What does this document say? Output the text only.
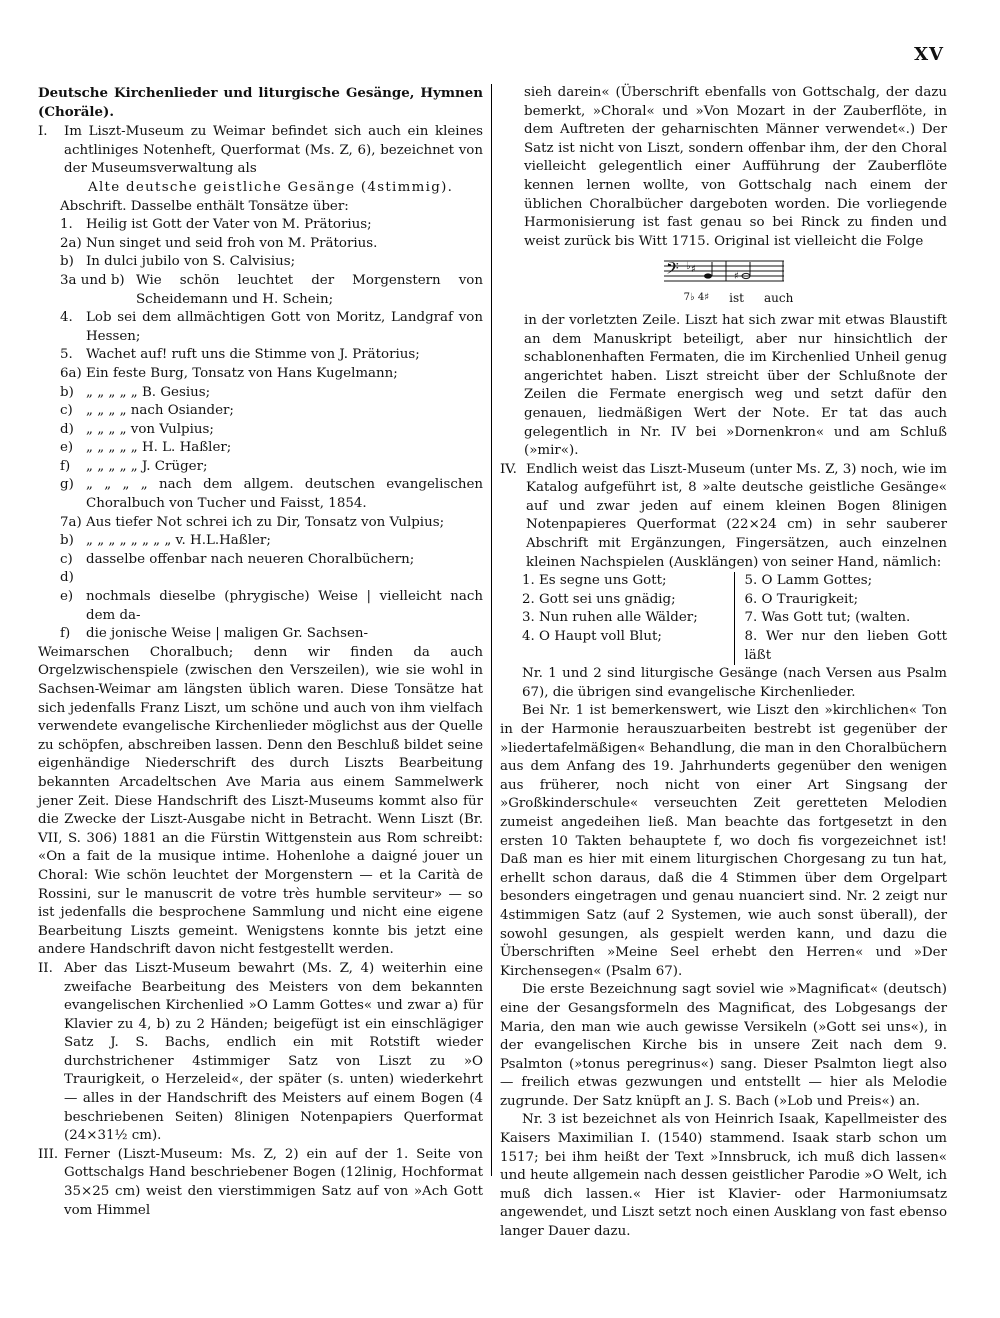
XV

Deutsche Kirchenlieder und liturgische Gesänge, Hymnen (Choräle).

I.	Im Liszt-Museum zu Weimar befindet sich auch ein kleines achtliniges Notenheft, Querformat (Ms. Z, 6), bezeichnet von der Museumsverwaltung als

Alte deutsche geistliche Gesänge (4stimmig).

Abschrift. Dasselbe enthält Tonsätze über:

1. Heilig ist Gott der Vater von M. Prätorius;
2a) Nun singet und seid froh von M. Prätorius.
b) In dulci jubilo von S. Calvisius;
3a und b) Wie schön leuchtet der Morgenstern von Scheidemann und H. Schein;
4. Lob sei dem allmächtigen Gott von Moritz, Landgraf von Hessen;
5. Wachet auf! ruft uns die Stimme von J. Prätorius;
6a) Ein feste Burg, Tonsatz von Hans Kugelmann;
b) „ „ „ „ „ B. Gesius;
c) „ „ „ „ nach Osiander;
d) „ „ „ „ von Vulpius;
e) „ „ „ „ „ H. L. Haßler;
f)	„ „ „ „ „ J. Crüger;
g) „ „ „ „ nach dem allgem. deutschen evangelischen Choralbuch von Tucher und Faisst, 1854.
7a) Aus tiefer Not schrei ich zu Dir, Tonsatz von Vulpius;
b) „ „ „ „ „ „ „ „ v. H.L.Haßler;
c) d)
dasselbe offenbar nach neueren Choralbüchern;
e) nochmals dieselbe (phrygische) Weise | vielleicht nach dem da-
f)	die jonische Weise | maligen Gr. Sachsen-

Weimarschen Choralbuch; denn wir finden da auch Orgelzwischenspiele (zwischen den Verszeilen), wie sie wohl in Sachsen-Weimar am längsten üblich waren. Diese Tonsätze hat sich jedenfalls Franz Liszt, um schöne und auch von ihm vielfach verwendete evangelische Kirchenlieder möglichst aus der Quelle zu schöpfen, abschreiben lassen. Denn den Beschluß bildet seine eigenhändige Niederschrift des durch Liszts Bearbeitung bekannten Arcadeltschen Ave Maria aus einem Sammelwerk jener Zeit. Diese Handschrift des Liszt-Museums kommt also für die Zwecke der Liszt-Ausgabe nicht in Betracht. Wenn Liszt (Br. VII, S. 306) 1881 an die Fürstin Wittgenstein aus Rom schreibt: «On a fait de la musique intime. Hohenlohe a daigné jouer un Choral: Wie schön leuchtet der Morgenstern — et la Carità de Rossini, sur le manuscrit de votre très humble serviteur» — so ist jedenfalls die besprochene Sammlung und nicht eine eigene Bearbeitung Liszts gemeint. Wenigstens konnte bis jetzt eine andere Handschrift davon nicht festgestellt werden.

II. Aber das Liszt-Museum bewahrt (Ms. Z, 4) weiterhin eine zweifache Bearbeitung des Meisters von dem bekannten evangelischen Kirchenlied »O Lamm Gottes« und zwar a) für Klavier zu 4, b) zu 2 Händen; beigefügt ist ein einschlägiger Satz J. S. Bachs, endlich ein mit Rotstift wieder durchstrichener 4stimmiger Satz von Liszt zu »O Traurigkeit, o Herzeleid«, der später (s. unten) wiederkehrt — alles in der Handschrift des Meisters auf einem Bogen (4 beschriebenen Seiten) 8linigen Notenpapiers Querformat (24×31½ cm).
III. Ferner (Liszt-Museum: Ms. Z, 2) ein auf der 1. Seite von Gottschalgs Hand beschriebener Bogen (12linig, Hochformat 35×25 cm) weist den vierstimmigen Satz auf von »Ach Gott vom Himmel

sieh darein« (Überschrift ebenfalls von Gottschalg, der dazu bemerkt, »Choral« und »Von Mozart in der Zauberflöte, in dem Auftreten der geharnischten Männer verwendet«.) Der Satz ist nicht von Liszt, sondern offenbar ihm, der den Choral vielleicht gelegentlich einer Aufführung der Zauberflöte kennen lernen wollte, von Gottschalg nach einem der üblichen Choralbücher dargeboten worden. Die vorliegende Harmonisierung ist fast genau so bei Rinck zu finden und weist zurück bis Witt 1715. Original ist vielleicht die Folge

𝄢 ♭ ♯
♯
7♭ 4♯ ist auch

in der vorletzten Zeile. Liszt hat sich zwar mit etwas Blaustift an dem Manuskript beteiligt, aber nur hinsichtlich der schablonenhaften Fermaten, die im Kirchenlied Unheil genug angerichtet haben. Liszt streicht über der Schlußnote der Zeilen die Fermate energisch weg und setzt dafür den genauen, liedmäßigen Wert der Note. Er tat das auch gelegentlich in Nr. IV bei »Dornenkron« und am Schluß (»mir«).

IV. Endlich weist das Liszt-Museum (unter Ms. Z, 3) noch, wie im Katalog aufgeführt ist, 8 »alte deutsche geistliche Gesänge« auf und zwar jeden auf einem kleinen Bogen 8linigen Notenpapieres Querformat (22×24 cm) in sehr sauberer Abschrift mit Ergänzungen, Fingersätzen, auch einzelnen kleinen Nachspielen (Ausklängen) von seiner Hand, nämlich:
1. Es segne uns Gott;
2. Gott sei uns gnädig;
3. Nun ruhen alle Wälder;
4. O Haupt voll Blut;
5. O Lamm Gottes;
6. O Traurigkeit;
7. Was Gott tut; (walten.
8. Wer nur den lieben Gott läßt

Nr. 1 und 2 sind liturgische Gesänge (nach Versen aus Psalm 67), die übrigen sind evangelische Kirchenlieder.

Bei Nr. 1 ist bemerkenswert, wie Liszt den »kirchlichen« Ton in der Harmonie herauszuarbeiten bestrebt ist gegenüber der »liedertafelmäßigen« Behandlung, die man in den Choralbüchern aus dem Anfang des 19. Jahrhunderts gegenüber den wenigen aus früherer, noch nicht von einer Art Singsang der »Großkinderschule« verseuchten Zeit geretteten Melodien zumeist angedeihen ließ. Man beachte das fortgesetzt in den ersten 10 Takten behauptete f, wo doch fis vorgezeichnet ist! Daß man es hier mit einem liturgischen Chorgesang zu tun hat, erhellt schon daraus, daß die 4 Stimmen über dem Orgelpart besonders eingetragen und genau nuanciert sind. Nr. 2 zeigt nur 4stimmigen Satz (auf 2 Systemen, wie auch sonst überall), der sowohl gesungen, als gespielt werden kann, und dazu die Überschriften »Meine Seel erhebt den Herren« und »Der Kirchensegen« (Psalm 67).

Die erste Bezeichnung sagt soviel wie »Magnificat« (deutsch) eine der Gesangsformeln des Magnificat, des Lobgesangs der Maria, den man wie auch gewisse Versikeln (»Gott sei uns«), in der evangelischen Kirche bis in unsere Zeit nach dem 9. Psalmton (»tonus peregrinus«) sang. Dieser Psalmton liegt also — freilich etwas gezwungen und entstellt — hier als Melodie zugrunde. Der Satz knüpft an J. S. Bach (»Lob und Preis«) an.

Nr. 3 ist bezeichnet als von Heinrich Isaak, Kapellmeister des Kaisers Maximilian I. (1540) stammend. Isaak starb schon um 1517; bei ihm heißt der Text »Innsbruck, ich muß dich lassen« und heute allgemein nach dessen geistlicher Parodie »O Welt, ich muß dich lassen.« Hier ist Klavier- oder Harmoniumsatz angewendet, und Liszt setzt noch einen Ausklang von fast ebenso langer Dauer dazu.
